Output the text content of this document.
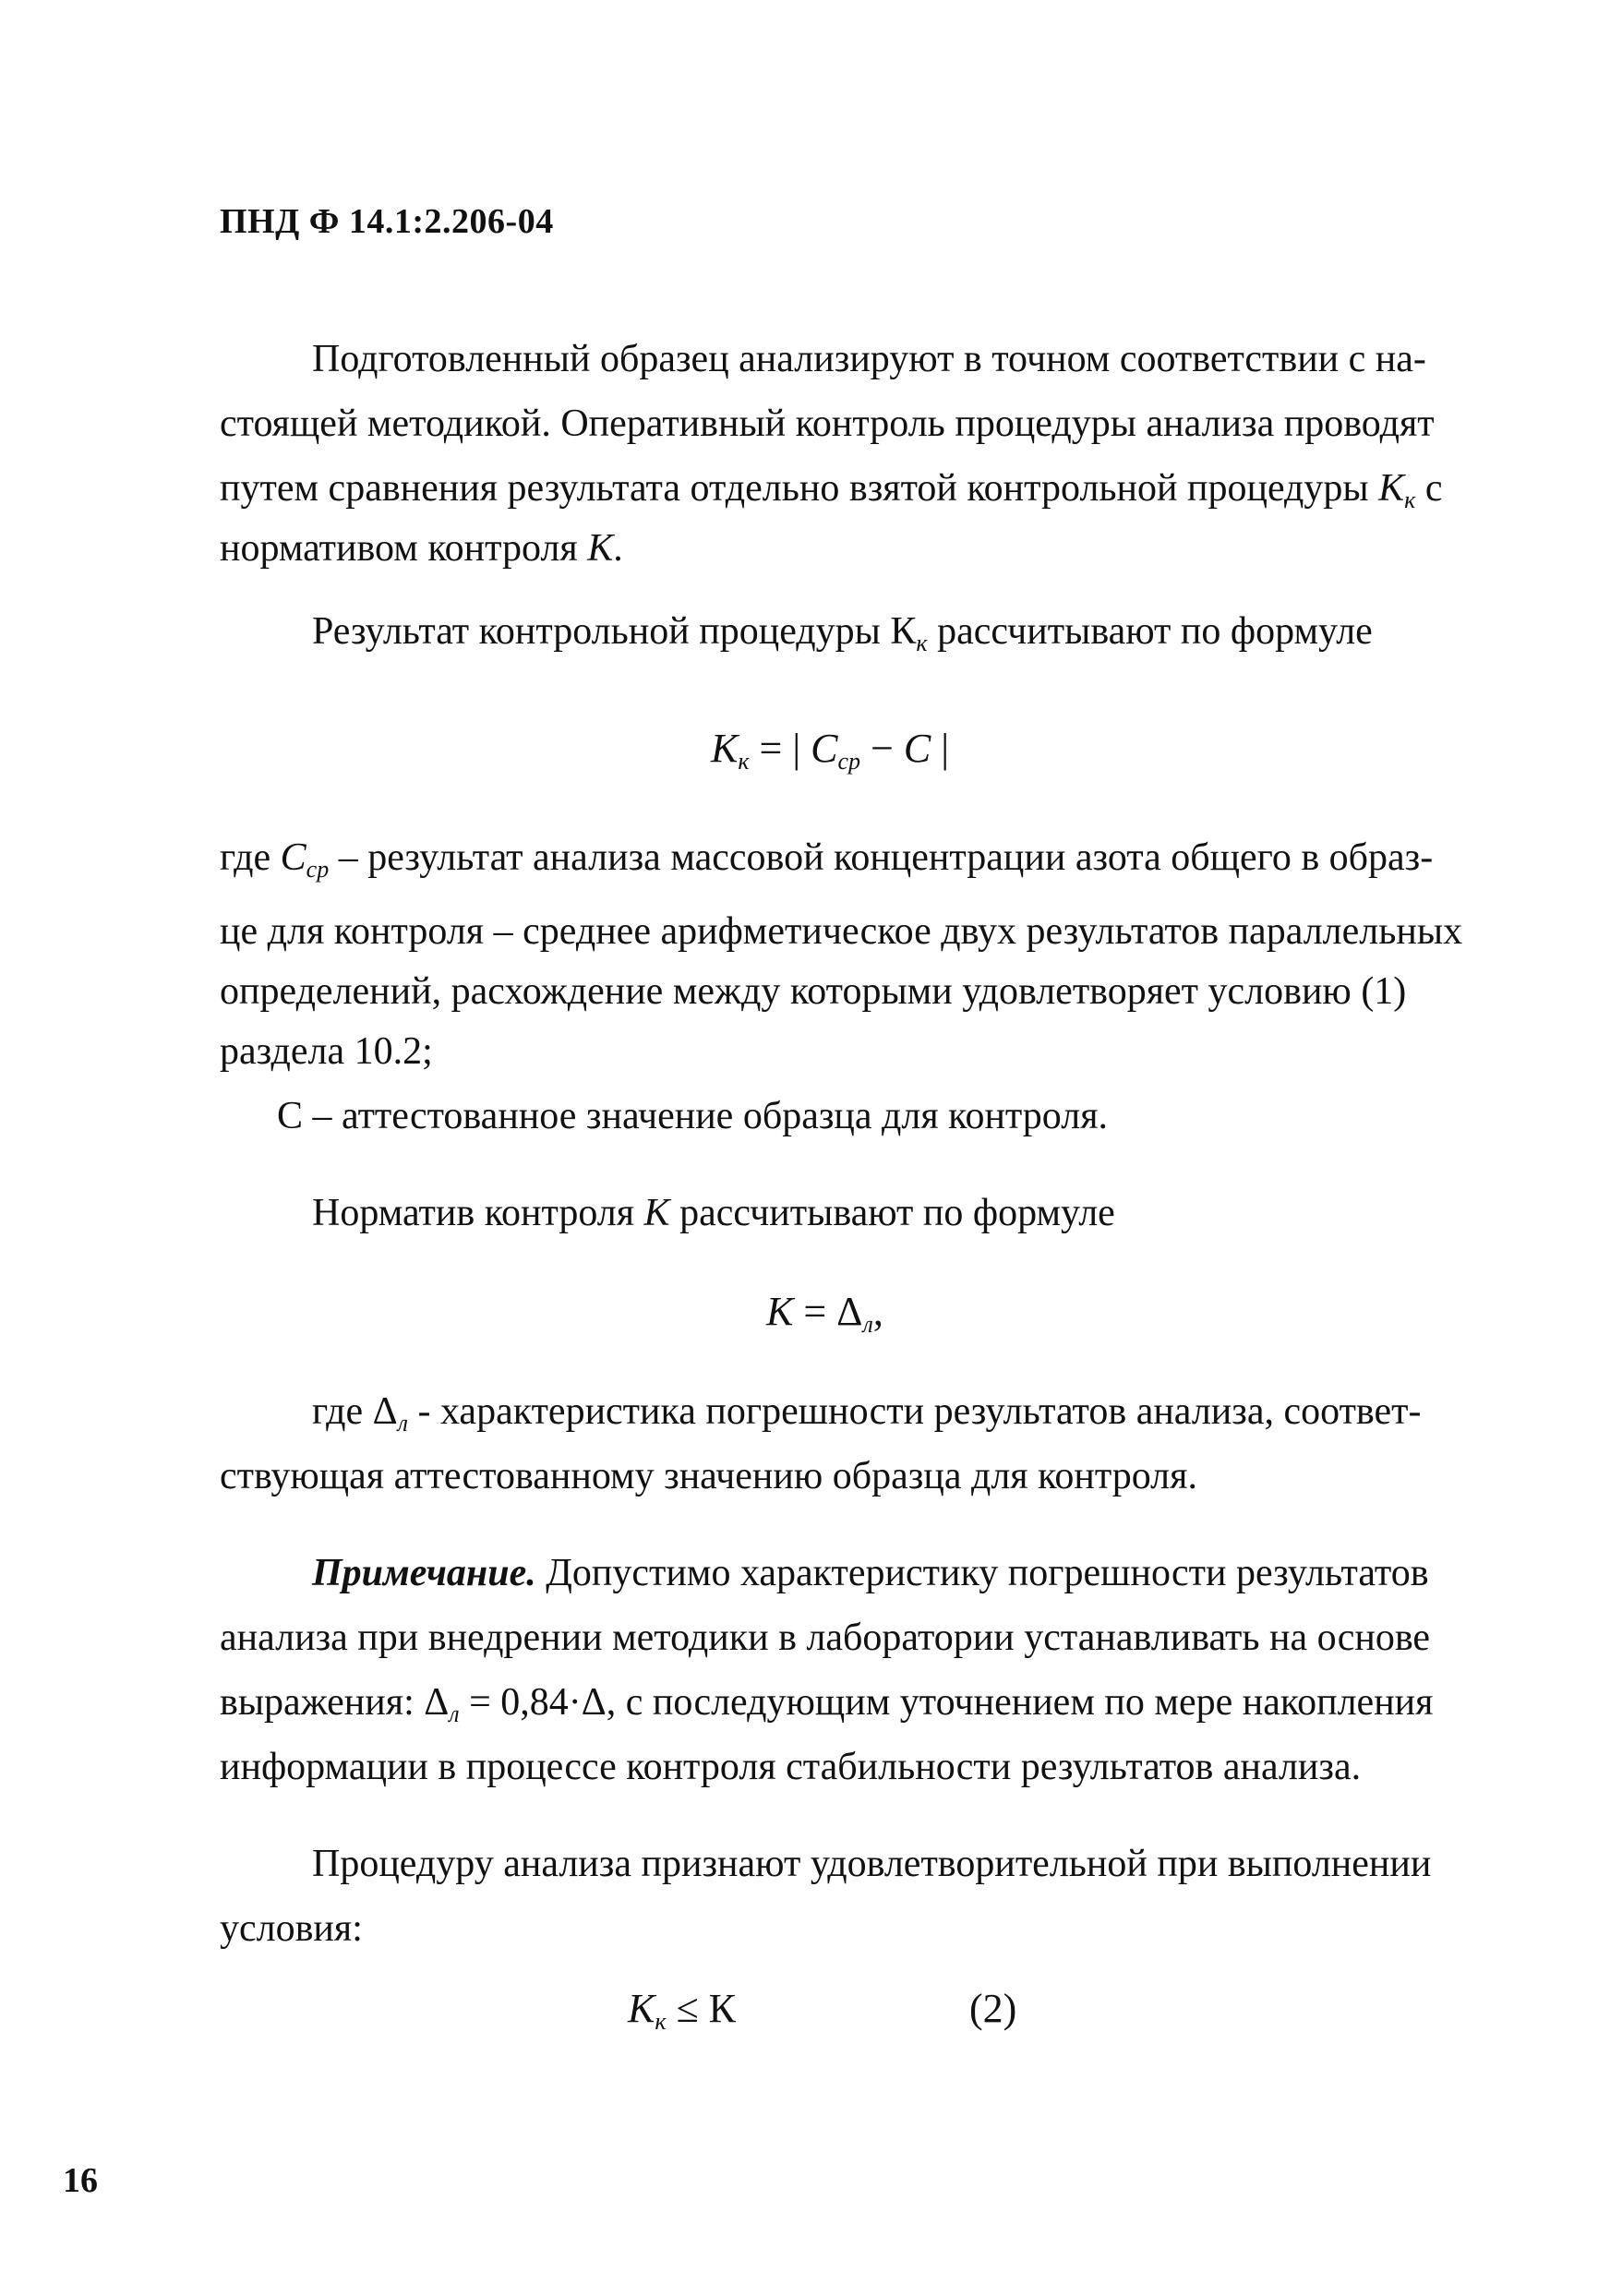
ПНД Ф 14.1:2.206-04
Подготовленный образец анализируют в точном соответствии с на-
стоящей методикой. Оперативный контроль процедуры анализа проводят
путем сравнения результата отдельно взятой контрольной процедуры $K_к$ с
нормативом контроля K.
Результат контрольной процедуры $К_к$ рассчитывают по формуле
$K_к$ = | $C_{ср} - C$ |
где $C_{ср}$ – результат анализа массовой концентрации азота общего в образ-
це для контроля – среднее арифметическое двух результатов параллельных
определений, расхождение между которыми удовлетворяет условию (1)
раздела 10.2;
С – аттестованное значение образца для контроля.
Норматив контроля K рассчитывают по формуле
$K = \Delta_л$,
где $\Delta_л$ - характеристика погрешности результатов анализа, соответ-
ствующая аттестованному значению образца для контроля.
Примечание. Допустимо характеристику погрешности результатов
анализа при внедрении методики в лаборатории устанавливать на основе
выражения: $\Delta_л = 0,84\cdot\Delta$, с последующим уточнением по мере накопления
информации в процессе контроля стабильности результатов анализа.
Процедуру анализа признают удовлетворительной при выполнении
условия:
$K_к \le К$	(2)
16
